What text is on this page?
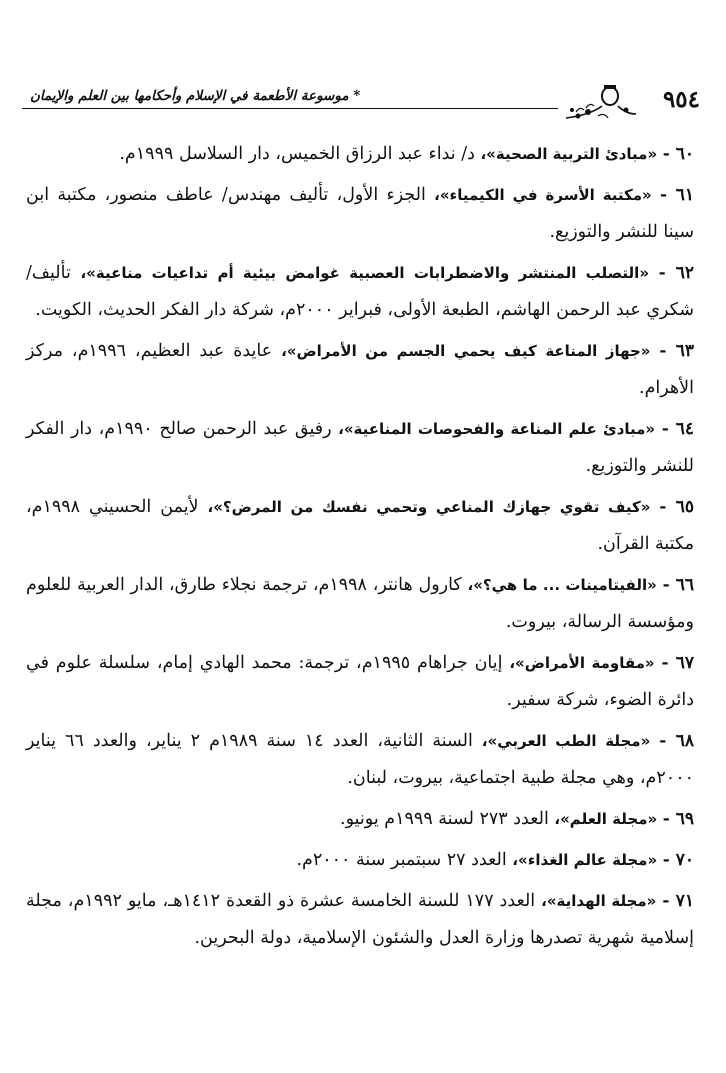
٩٥٤
* موسوعة الأطعمة في الإسلام وأحكامها بين العلم والإيمان

٦٠ - «مبادئ التربية الصحية»، د/ نداء عبد الرزاق الخميس، دار السلاسل ١٩٩٩م.

٦١ - «مكتبة الأسرة في الكيمياء»، الجزء الأول، تأليف مهندس/ عاطف منصور، مكتبة ابن سينا للنشر والتوزيع.

٦٢ - «التصلب المنتشر والاضطرابات العصبية غوامض بيئية أم تداعيات مناعية»، تأليف/ شكري عبد الرحمن الهاشم، الطبعة الأولى، فبراير ٢٠٠٠م، شركة دار الفكر الحديث، الكويت.

٦٣ - «جهاز المناعة كيف يحمي الجسم من الأمراض»، عايدة عبد العظيم، ١٩٩٦م، مركز الأهرام.

٦٤ - «مبادئ علم المناعة والفحوصات المناعية»، رفيق عبد الرحمن صالح ١٩٩٠م، دار الفكر للنشر والتوزيع.

٦٥ - «كيف تقوي جهازك المناعي وتحمي نفسك من المرض؟»، لأيمن الحسيني ١٩٩٨م، مكتبة القرآن.

٦٦ - «الفيتامينات ... ما هي؟»، كارول هانتر، ١٩٩٨م، ترجمة نجلاء طارق، الدار العربية للعلوم ومؤسسة الرسالة، بيروت.

٦٧ - «مقاومة الأمراض»، إيان جراهام ١٩٩٥م، ترجمة: محمد الهادي إمام، سلسلة علوم في دائرة الضوء، شركة سفير.

٦٨ - «مجلة الطب العربي»، السنة الثانية، العدد ١٤ سنة ١٩٨٩م ٢ يناير، والعدد ٦٦ يناير ٢٠٠٠م، وهي مجلة طبية اجتماعية، بيروت، لبنان.

٦٩ - «مجلة العلم»، العدد ٢٧٣ لسنة ١٩٩٩م يونيو.

٧٠ - «مجلة عالم الغذاء»، العدد ٢٧ سبتمبر سنة ٢٠٠٠م.

٧١ - «مجلة الهداية»، العدد ١٧٧ للسنة الخامسة عشرة ذو القعدة ١٤١٢هـ، مايو ١٩٩٢م، مجلة إسلامية شهرية تصدرها وزارة العدل والشئون الإسلامية، دولة البحرين.
